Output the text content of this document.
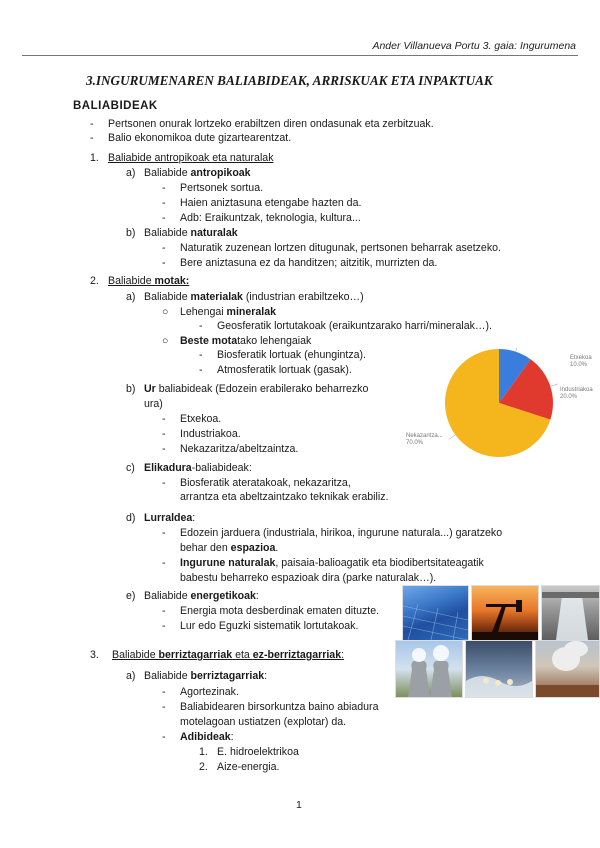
Ander Villanueva Portu 3. gaia: Ingurumena
3.INGURUMENAREN BALIABIDEAK, ARRISKUAK ETA INPAKTUAK
BALIABIDEAK
- Pertsonen onurak lortzeko erabiltzen diren ondasunak eta zerbitzuak.
- Balio ekonomikoa dute gizartearentzat.
1. Baliabide antropikoak eta naturalak
a) Baliabide antropikoak
- Pertsonek sortua.
- Haien aniztasuna etengabe hazten da.
- Adb: Eraikuntzak, teknologia, kultura...
b) Baliabide naturalak
- Naturatik zuzenean lortzen ditugunak, pertsonen beharrak asetzeko.
- Bere aniztasuna ez da handitzen; aitzitik, murrizten da.
2. Baliabide motak:
a) Baliabide materialak (industrian erabiltzeko…)
○ Lehengai mineralak
- Geosferatik lortutakoak (eraikuntzarako harri/mineralak…).
○ Beste motatako lehengaiak
- Biosferatik lortuak (ehungintza).
- Atmosferatik lortuak (gasak).
b) Ur baliabideak (Edozein erabilerako beharrezko
ura)
- Etxekoa.
- Industriakoa.
- Nekazaritza/abeltzaintza.
c) Elikadura-baliabideak:
- Biosferatik ateratakoak, nekazaritza,
arrantza eta abeltzaintzako teknikak erabiliz.
d) Lurraldea:
- Edozein jarduera (industriala, hirikoa, ingurune naturala...) garatzeko
behar den espazioa.
- Ingurune naturalak, paisaia-balioagatik eta biodibertsitateagatik
babestu beharreko espazioak dira (parke naturalak…).
e) Baliabide energetikoak:
- Energia mota desberdinak ematen dituzte.
- Lur edo Eguzki sistematik lortutakoak.
3. Baliabide berriztagarriak eta ez-berriztagarriak:
a) Baliabide berriztagarriak:
- Agortezinak.
- Baliabidearen birsorkuntza baino abiadura
motelagoan ustiatzen (explotar) da.
- Adibideak:
1. E. hidroelektrikoa
2. Aize-energia.
Etxekoa
10.0%
Industriakoa
20.0%
Nekazaritza...
70.0%
1
